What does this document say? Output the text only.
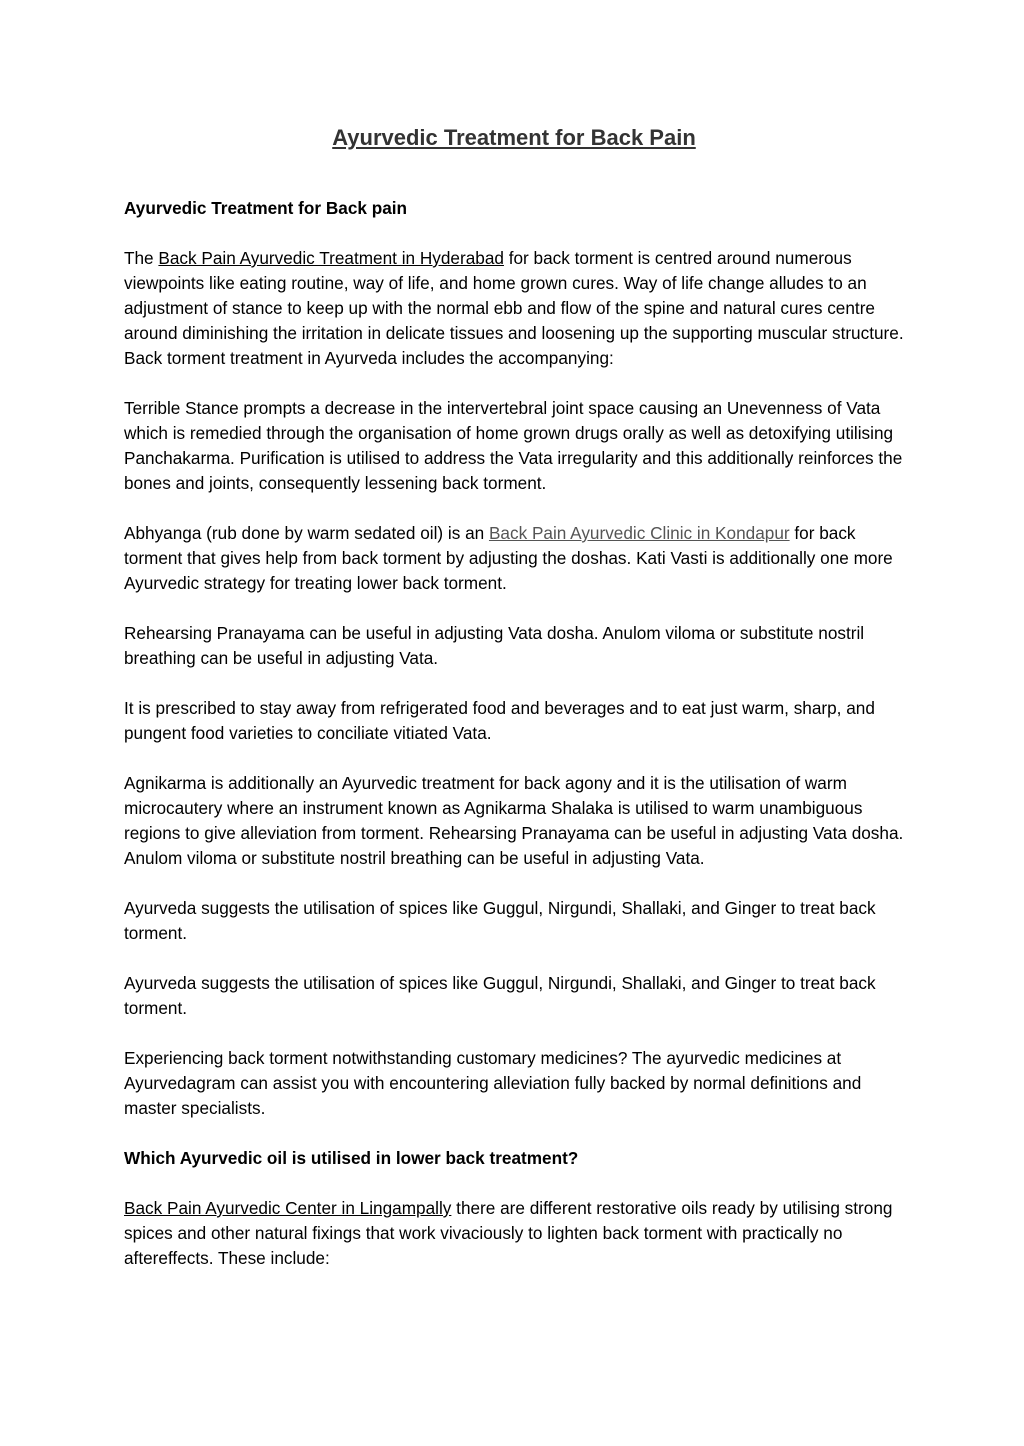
Ayurvedic Treatment for Back Pain

Ayurvedic Treatment for Back pain

The Back Pain Ayurvedic Treatment in Hyderabad for back torment is centred around numerous viewpoints like eating routine, way of life, and home grown cures. Way of life change alludes to an adjustment of stance to keep up with the normal ebb and flow of the spine and natural cures centre around diminishing the irritation in delicate tissues and loosening up the supporting muscular structure. Back torment treatment in Ayurveda includes the accompanying:

Terrible Stance prompts a decrease in the intervertebral joint space causing an Unevenness of Vata which is remedied through the organisation of home grown drugs orally as well as detoxifying utilising Panchakarma. Purification is utilised to address the Vata irregularity and this additionally reinforces the bones and joints, consequently lessening back torment.

Abhyanga (rub done by warm sedated oil) is an Back Pain Ayurvedic Clinic in Kondapur for back torment that gives help from back torment by adjusting the doshas. Kati Vasti is additionally one more Ayurvedic strategy for treating lower back torment.

Rehearsing Pranayama can be useful in adjusting Vata dosha. Anulom viloma or substitute nostril breathing can be useful in adjusting Vata.

It is prescribed to stay away from refrigerated food and beverages and to eat just warm, sharp, and pungent food varieties to conciliate vitiated Vata.

Agnikarma is additionally an Ayurvedic treatment for back agony and it is the utilisation of warm microcautery where an instrument known as Agnikarma Shalaka is utilised to warm unambiguous regions to give alleviation from torment. Rehearsing Pranayama can be useful in adjusting Vata dosha. Anulom viloma or substitute nostril breathing can be useful in adjusting Vata.

Ayurveda suggests the utilisation of spices like Guggul, Nirgundi, Shallaki, and Ginger to treat back torment.

Ayurveda suggests the utilisation of spices like Guggul, Nirgundi, Shallaki, and Ginger to treat back torment.

Experiencing back torment notwithstanding customary medicines? The ayurvedic medicines at Ayurvedagram can assist you with encountering alleviation fully backed by normal definitions and master specialists.

Which Ayurvedic oil is utilised in lower back treatment?

Back Pain Ayurvedic Center in Lingampally there are different restorative oils ready by utilising strong spices and other natural fixings that work vivaciously to lighten back torment with practically no aftereffects. These include:
